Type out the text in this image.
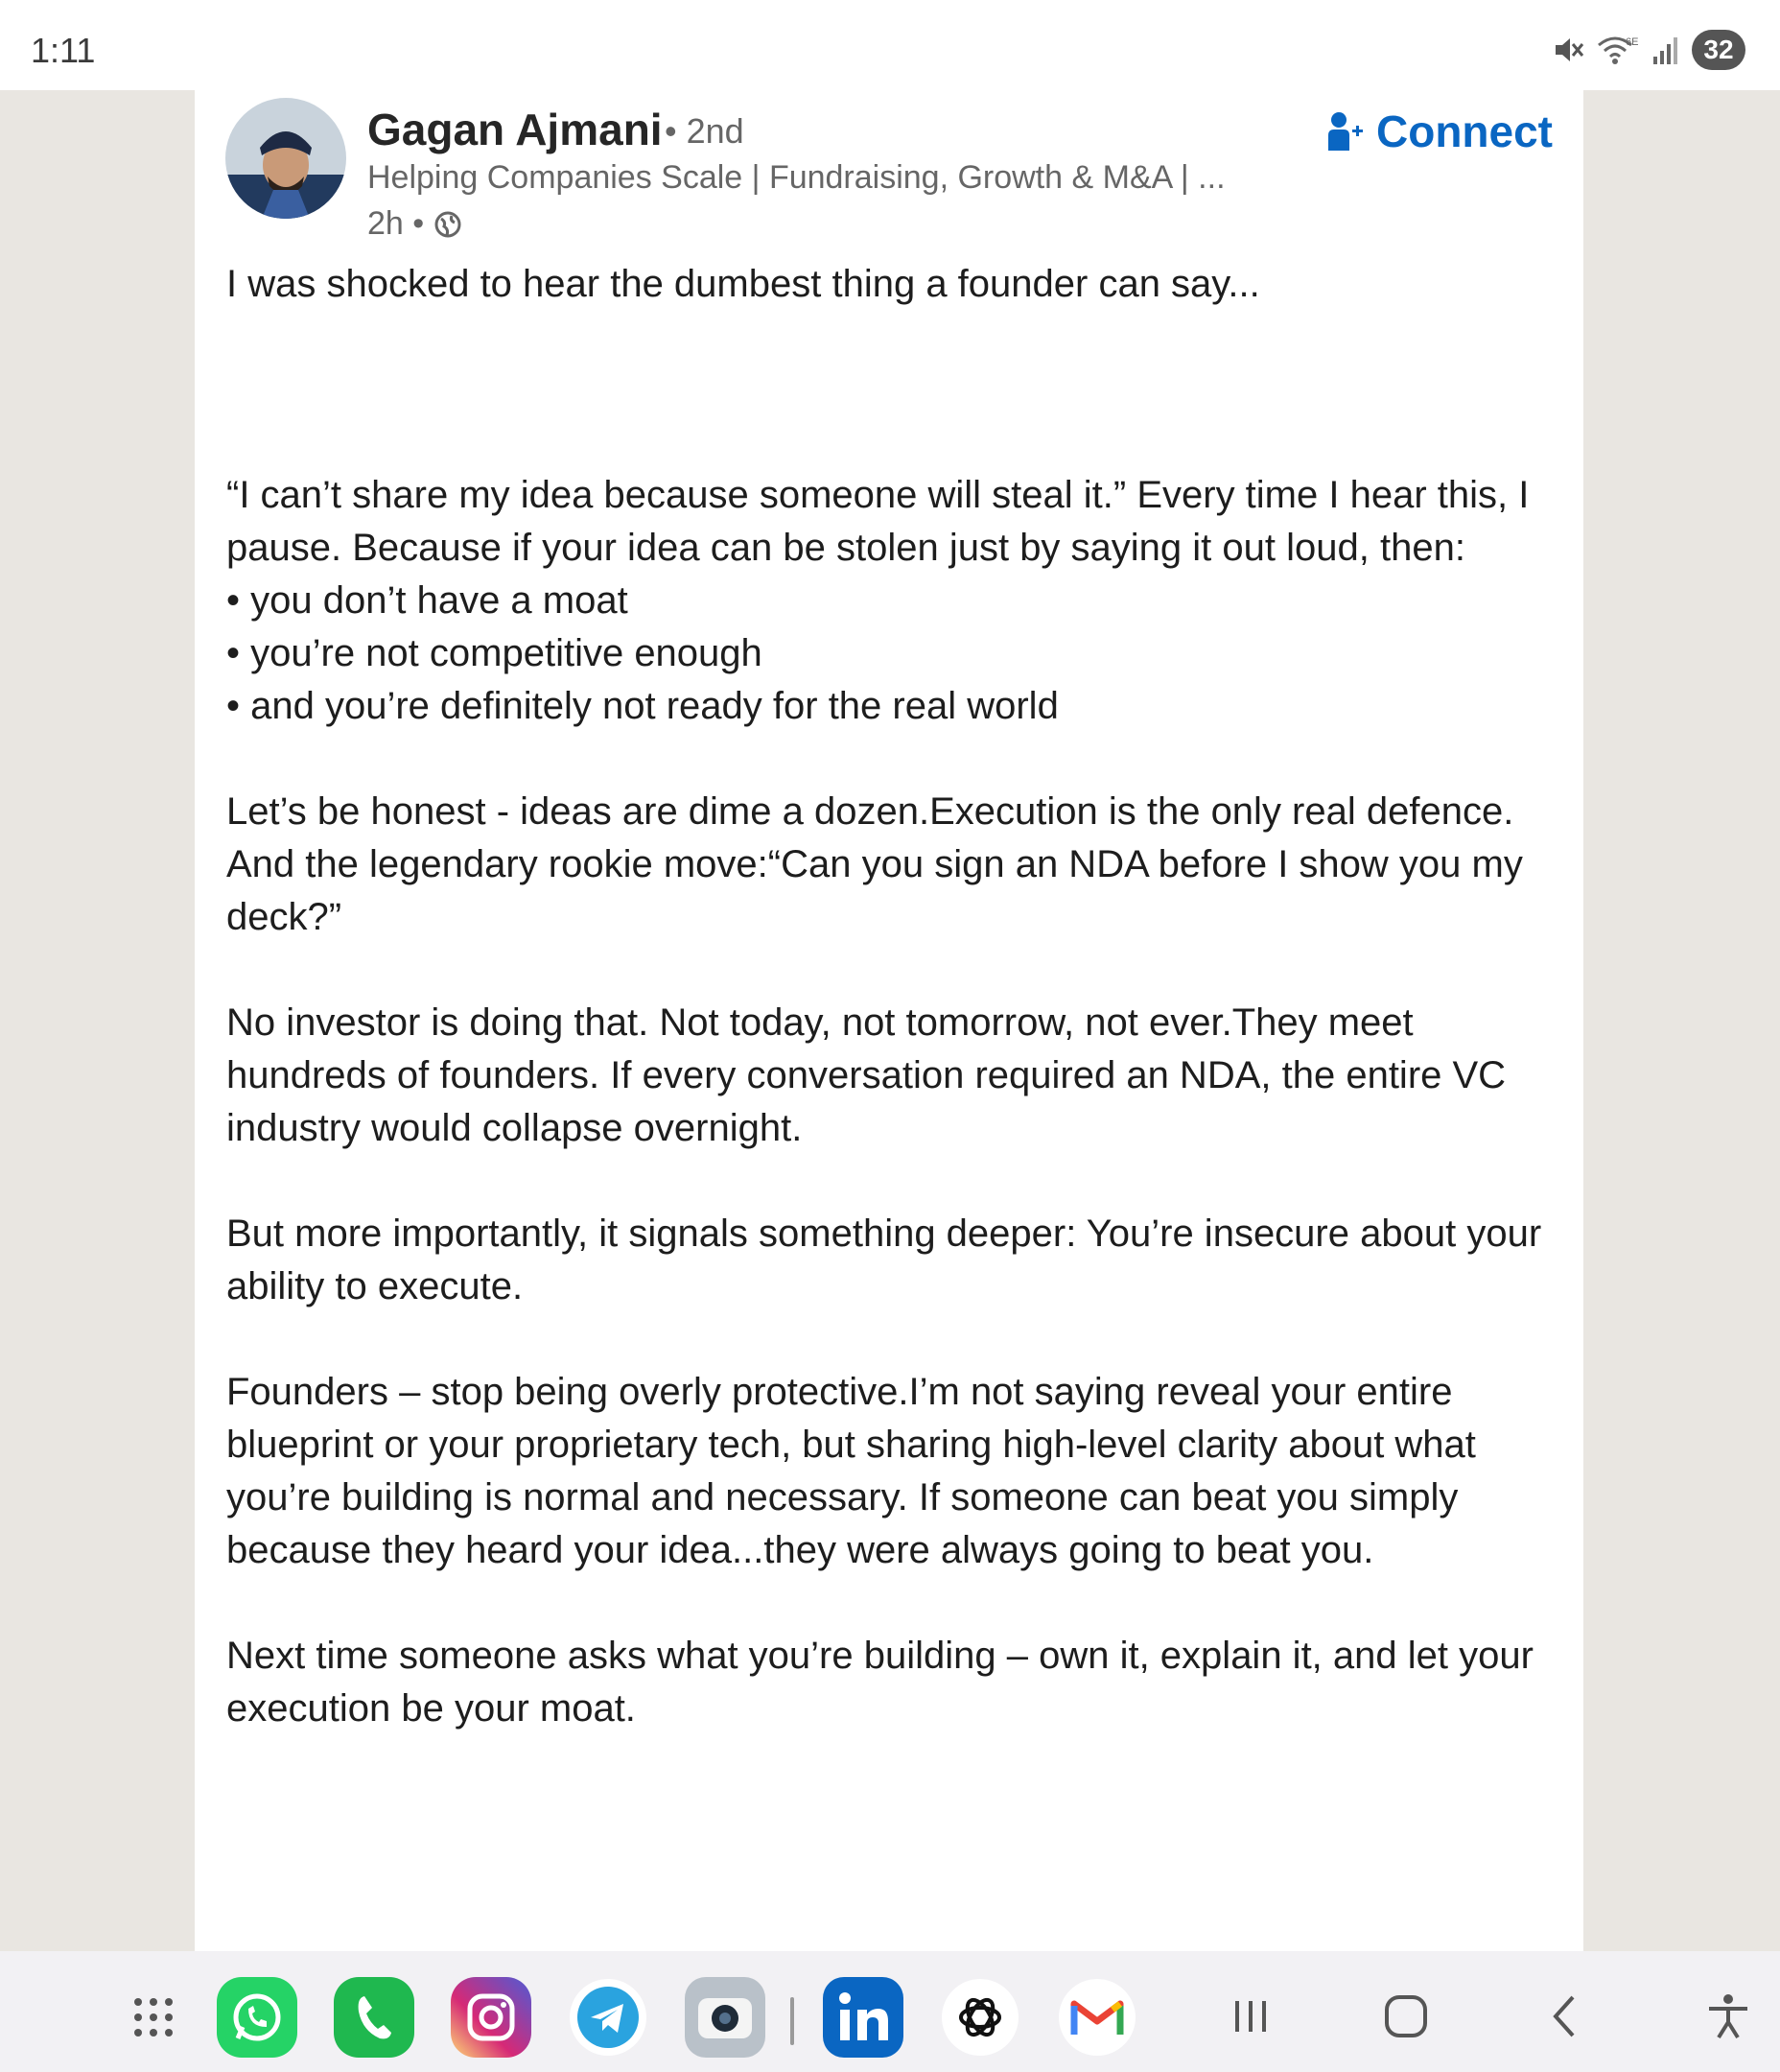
1:11	6E	32
Gagan Ajmani • 2nd
Helping Companies Scale | Fundraising, Growth & M&A | ...
2h •
Connect

I was shocked to hear the dumbest thing a founder can say...

“I can’t share my idea because someone will steal it.” Every time I hear this, I pause. Because if your idea can be stolen just by saying it out loud, then:

• you don’t have a moat

• you’re not competitive enough

• and you’re definitely not ready for the real world

Let’s be honest - ideas are dime a dozen.Execution is the only real defence.

And the legendary rookie move:“Can you sign an NDA before I show you my deck?”

No investor is doing that. Not today, not tomorrow, not ever.They meet hundreds of founders. If every conversation required an NDA, the entire VC industry would collapse overnight.

But more importantly, it signals something deeper: You’re insecure about your ability to execute.

Founders – stop being overly protective.I’m not saying reveal your entire blueprint or your proprietary tech, but sharing high-level clarity about what you’re building is normal and necessary. If someone can beat you simply because they heard your idea...they were always going to beat you.

Next time someone asks what you’re building – own it, explain it, and let your execution be your moat.
